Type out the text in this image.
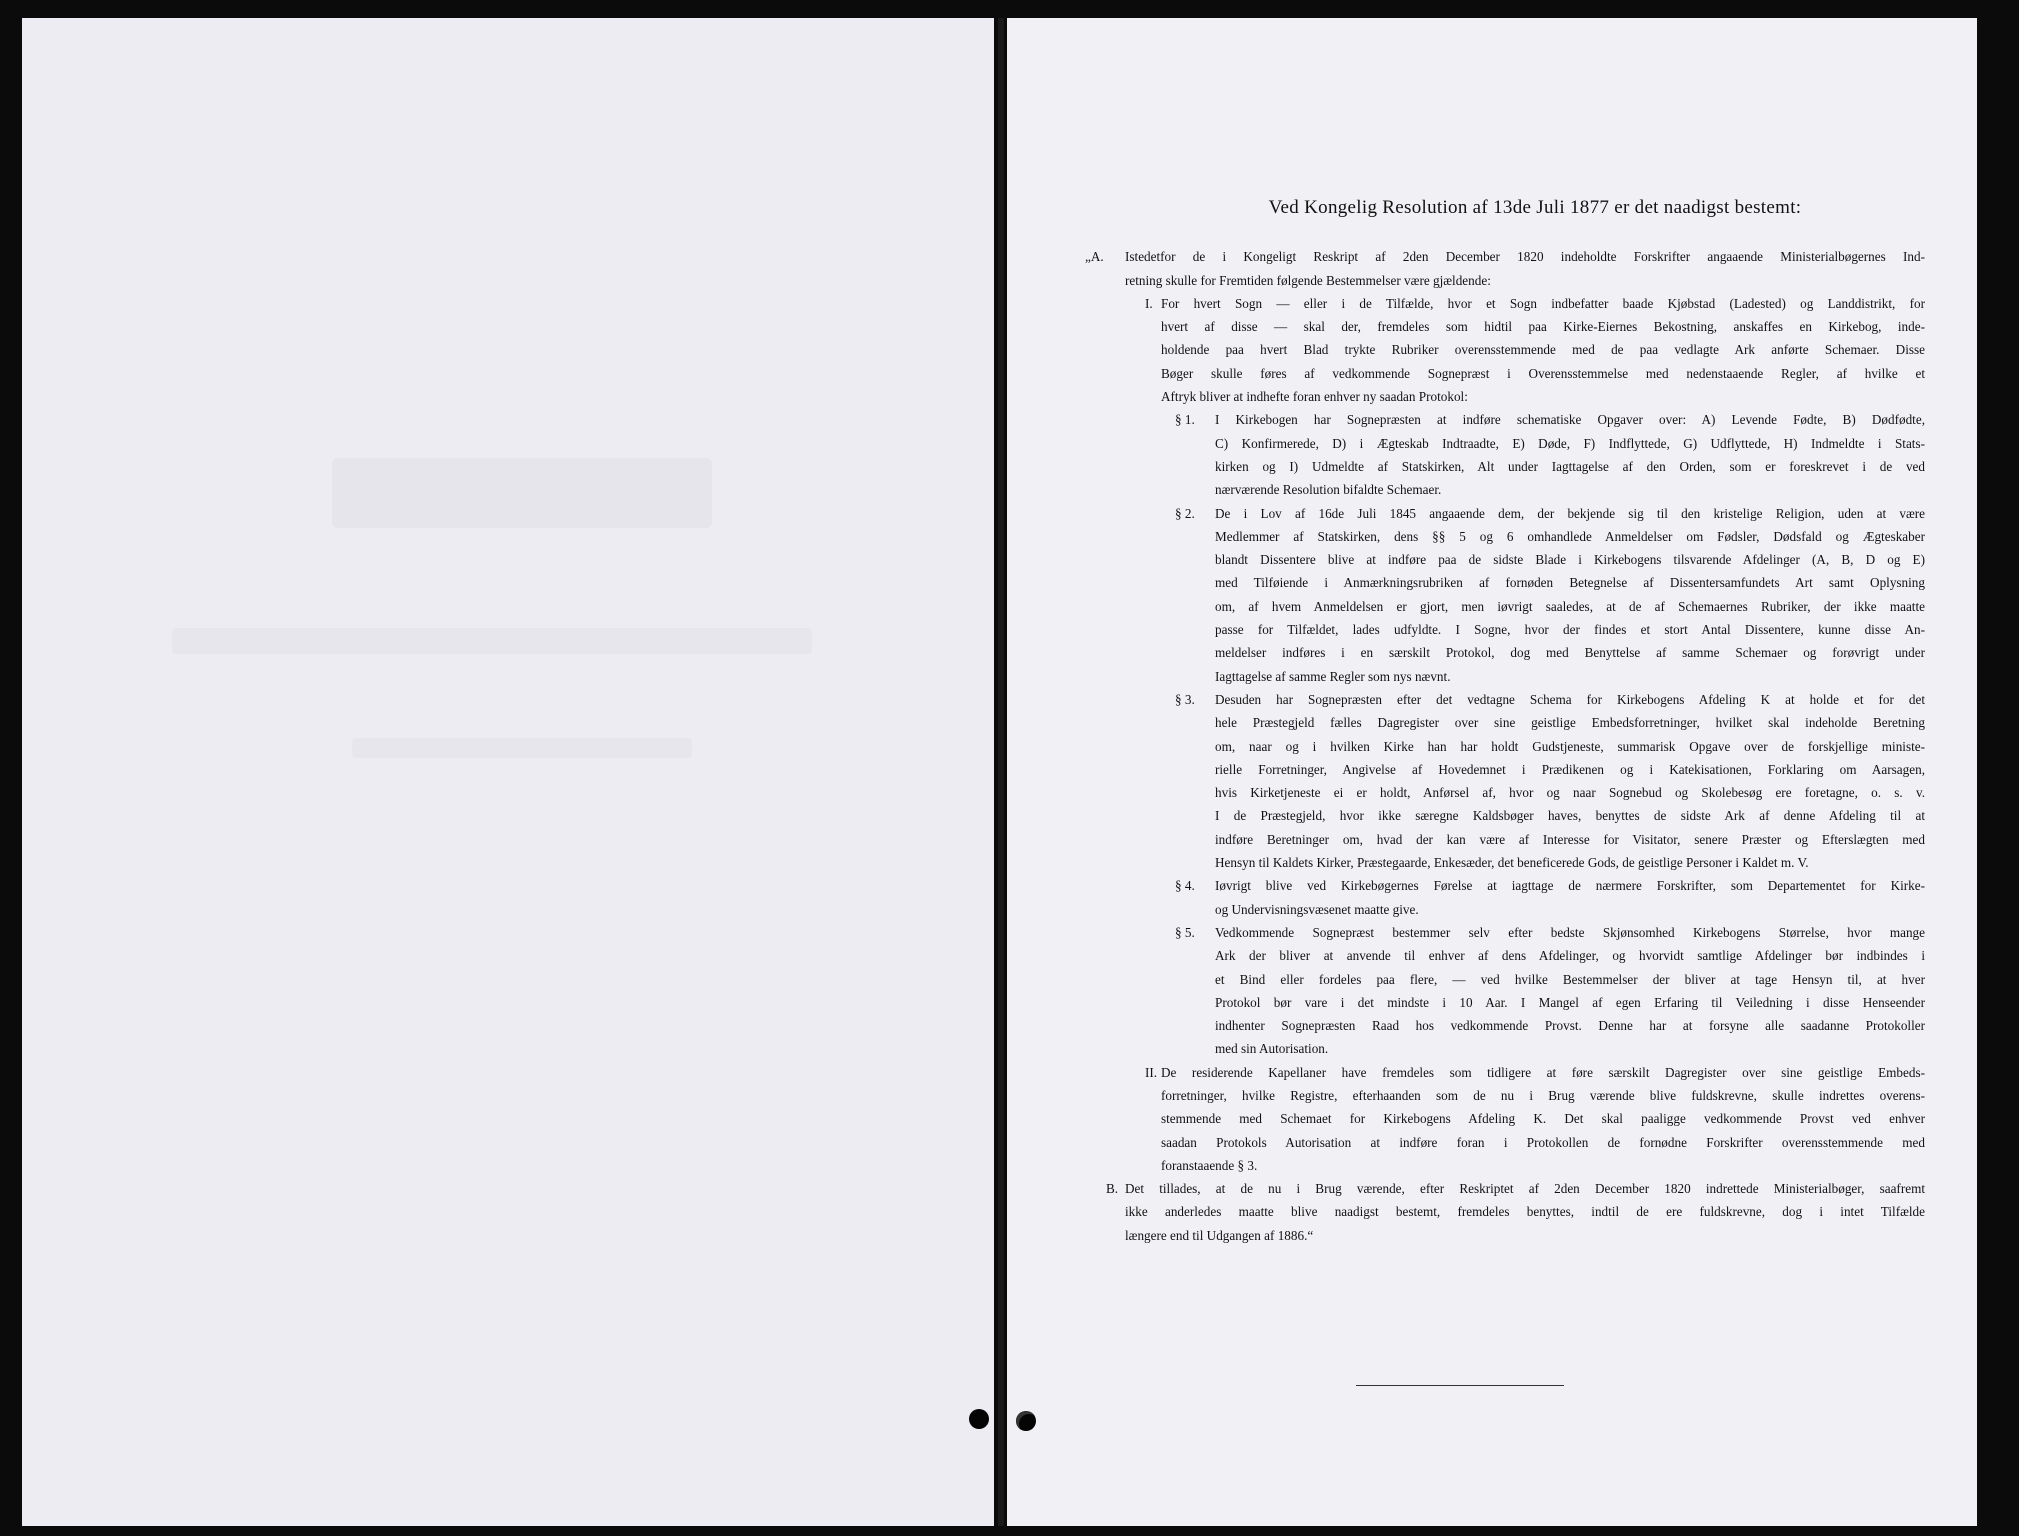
Ved Kongelig Resolution af 13de Juli 1877 er det naadigst bestemt:
„A. Istedetfor de i Kongeligt Reskript af 2den December 1820 indeholdte Forskrifter angaaende Ministerialbøgernes Ind-
retning skulle for Fremtiden følgende Bestemmelser være gjældende:
I. For hvert Sogn — eller i de Tilfælde, hvor et Sogn indbefatter baade Kjøbstad (Ladested) og Landdistrikt, for
hvert af disse — skal der, fremdeles som hidtil paa Kirke-Eiernes Bekostning, anskaffes en Kirkebog, inde-
holdende paa hvert Blad trykte Rubriker overensstemmende med de paa vedlagte Ark anførte Schemaer. Disse
Bøger skulle føres af vedkommende Sognepræst i Overensstemmelse med nedenstaaende Regler, af hvilke et
Aftryk bliver at indhefte foran enhver ny saadan Protokol:
§ 1. I Kirkebogen har Sognepræsten at indføre schematiske Opgaver over: A) Levende Fødte, B) Dødfødte,
C) Konfirmerede, D) i Ægteskab Indtraadte, E) Døde, F) Indflyttede, G) Udflyttede, H) Indmeldte i Stats-
kirken og I) Udmeldte af Statskirken, Alt under Iagttagelse af den Orden, som er foreskrevet i de ved
nærværende Resolution bifaldte Schemaer.
§ 2. De i Lov af 16de Juli 1845 angaaende dem, der bekjende sig til den kristelige Religion, uden at være
Medlemmer af Statskirken, dens §§ 5 og 6 omhandlede Anmeldelser om Fødsler, Dødsfald og Ægteskaber
blandt Dissentere blive at indføre paa de sidste Blade i Kirkebogens tilsvarende Afdelinger (A, B, D og E)
med Tilføiende i Anmærkningsrubriken af fornøden Betegnelse af Dissentersamfundets Art samt Oplysning
om, af hvem Anmeldelsen er gjort, men iøvrigt saaledes, at de af Schemaernes Rubriker, der ikke maatte
passe for Tilfældet, lades udfyldte. I Sogne, hvor der findes et stort Antal Dissentere, kunne disse An-
meldelser indføres i en særskilt Protokol, dog med Benyttelse af samme Schemaer og forøvrigt under
Iagttagelse af samme Regler som nys nævnt.
§ 3. Desuden har Sognepræsten efter det vedtagne Schema for Kirkebogens Afdeling K at holde et for det
hele Præstegjeld fælles Dagregister over sine geistlige Embedsforretninger, hvilket skal indeholde Beretning
om, naar og i hvilken Kirke han har holdt Gudstjeneste, summarisk Opgave over de forskjellige ministe-
rielle Forretninger, Angivelse af Hovedemnet i Prædikenen og i Katekisationen, Forklaring om Aarsagen,
hvis Kirketjeneste ei er holdt, Anførsel af, hvor og naar Sognebud og Skolebesøg ere foretagne, o. s. v.
I de Præstegjeld, hvor ikke særegne Kaldsbøger haves, benyttes de sidste Ark af denne Afdeling til at
indføre Beretninger om, hvad der kan være af Interesse for Visitator, senere Præster og Efterslægten med
Hensyn til Kaldets Kirker, Præstegaarde, Enkesæder, det beneficerede Gods, de geistlige Personer i Kaldet m. V.
§ 4. Iøvrigt blive ved Kirkebøgernes Førelse at iagttage de nærmere Forskrifter, som Departementet for Kirke-
og Undervisningsvæsenet maatte give.
§ 5. Vedkommende Sognepræst bestemmer selv efter bedste Skjønsomhed Kirkebogens Størrelse, hvor mange
Ark der bliver at anvende til enhver af dens Afdelinger, og hvorvidt samtlige Afdelinger bør indbindes i
et Bind eller fordeles paa flere, — ved hvilke Bestemmelser der bliver at tage Hensyn til, at hver
Protokol bør vare i det mindste i 10 Aar. I Mangel af egen Erfaring til Veiledning i disse Henseender
indhenter Sognepræsten Raad hos vedkommende Provst. Denne har at forsyne alle saadanne Protokoller
med sin Autorisation.
II. De residerende Kapellaner have fremdeles som tidligere at føre særskilt Dagregister over sine geistlige Embeds-
forretninger, hvilke Registre, efterhaanden som de nu i Brug værende blive fuldskrevne, skulle indrettes overens-
stemmende med Schemaet for Kirkebogens Afdeling K. Det skal paaligge vedkommende Provst ved enhver
saadan Protokols Autorisation at indføre foran i Protokollen de fornødne Forskrifter overensstemmende med
foranstaaende § 3.
B. Det tillades, at de nu i Brug værende, efter Reskriptet af 2den December 1820 indrettede Ministerialbøger, saafremt
ikke anderledes maatte blive naadigst bestemt, fremdeles benyttes, indtil de ere fuldskrevne, dog i intet Tilfælde
længere end til Udgangen af 1886.“
